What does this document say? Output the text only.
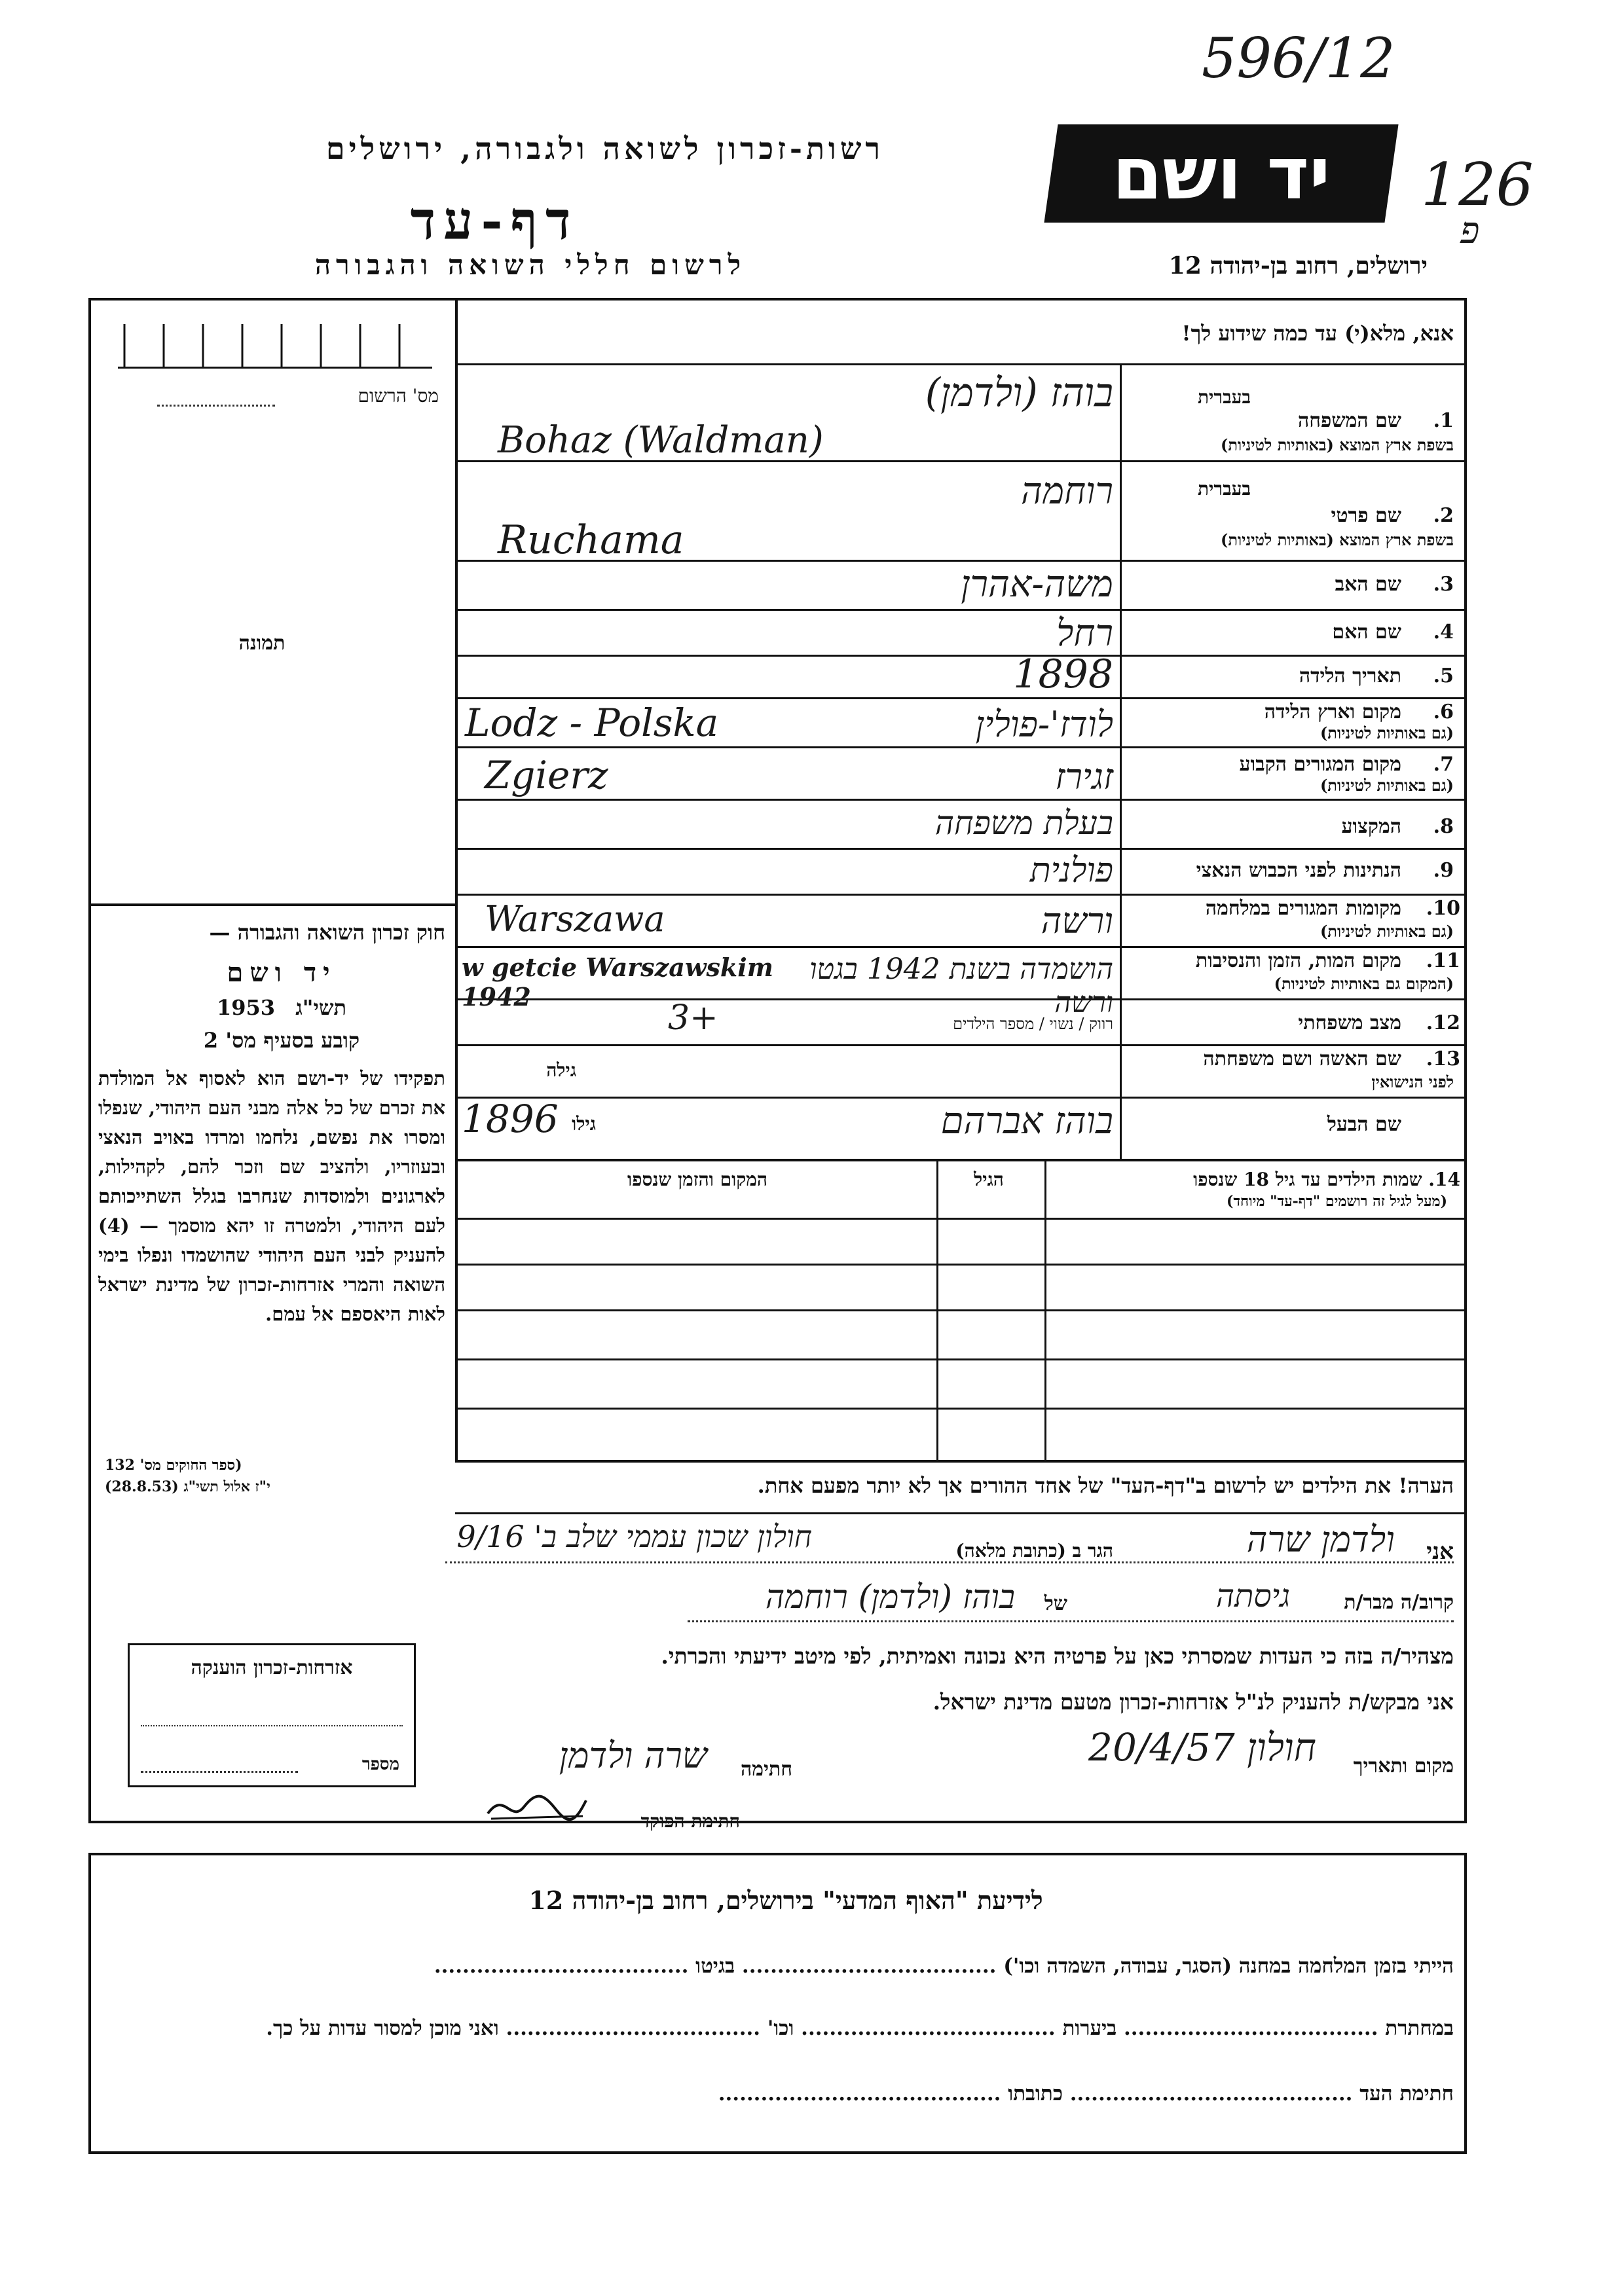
596/12
126
פ
יד ושם
רשות-זכרון לשואה ולגבורה, ירושלים
דף-עד
לרשום חללי השואה והגבורה	ירושלים, רחוב בן-יהודה 12
מס' הרשום
תמונה
חוק זכרון השואה והגבורה —
יד ושם
1953 תשי"ג
קובע בסעיף מס' 2
תפקידו של יד-ושם הוא לאסוף אל המולדת את זכרם של כל אלה מבני העם היהודי, שנפלו ומסרו את נפשם, נלחמו ומרדו באויב הנאצי ובעוזריו, ולהציב שם וזכר להם, לקהילות, לארגונים ולמוסדות שנחרבו בגלל השתייכותם לעם היהודי, ולמטרה זו יהא מוסמך — (4) להעניק לבני העם היהודי שהושמדו ונפלו בימי השואה והמרי אזרחות-זכרון של מדינת ישראל לאות היאספם אל עמם.
(ספר החוקים מס' 132
י"ז אלול תשי"ג (28.8.53)
אנא, מלא(י) עד כמה שידוע לך!
בעברית
1.
שם המשפחה
בשפת ארץ המוצא (באותיות לטיניות)
בוהז (ולדמן)
Bohaz (Waldman)
בעברית
2.
שם פרטי
בשפת ארץ המוצא (באותיות לטיניות)
רוחמה
Ruchama
3.
שם האב
משה-אהרן
4.
שם האם
רחל
5.
תאריך הלידה
1898
6.
מקום וארץ הלידה
(גם באותיות לטיניות)
לודז'-פולין
Lodz - Polska
7.
מקום המגורים הקבוע
(גם באותיות לטיניות)
זגירז
Zgierz
8.
המקצוע
בעלת משפחה
9.
הנתינות לפני הכבוש הנאצי
פולנית
10.
מקומות המגורים במלחמה
(גם באותיות לטיניות)
ורשה
Warszawa
11.
מקום המות, הזמן והנסיבות
(המקום גם באותיות לטיניות)
הושמדה בשנת 1942 בגטו ורשה
w getcie Warszawskim 1942
12.
מצב משפחתי
רווק / נשוי / מספר הילדים
3+
13.
שם האשה ושם משפחתה
לפני הנישואין
גילה
שם הבעל
בוהז אברהם
גילו
1896
14. שמות הילדים עד גיל 18 שנספו
(מעל לגיל זה רושמים "דף-עד" מיוחד)
הגיל
המקום והזמן שנספו
הערה! את הילדים יש לרשום ב"דף-העד" של אחד ההורים אך לא יותר מפעם אחת.
אני
ולדמן שרה
הגר ב (כתובת מלאה)
חולון שכון עממי שלב ב' 9/16
קרוב/ה מבר/ת
גיסתה
של
בוהז (ולדמן) רוחמה
מצהיר/ה בזה כי העדות שמסרתי כאן על פרטיה היא נכונה ואמיתית, לפי מיטב ידיעתי והכרתי.
אני מבקש/ת להעניק לנ"ל אזרחות-זכרון מטעם מדינת ישראל.
מקום ותאריך
חולון 20/4/57
חתימה
שרה ולדמן
חתימת הפוקד
אזרחות-זכרון הוענקה
מספר
לידיעת "האוף המדעי" בירושלים, רחוב בן-יהודה 12
הייתי בזמן המלחמה במחנה (הסגר, עבודה, השמדה וכו') .................................... בגיטו ....................................
במחתרת .................................... ביערות .................................... וכו' .................................... ואני מוכן למסור עדות על כך.
חתימת העד ........................................ כתובתו ........................................
